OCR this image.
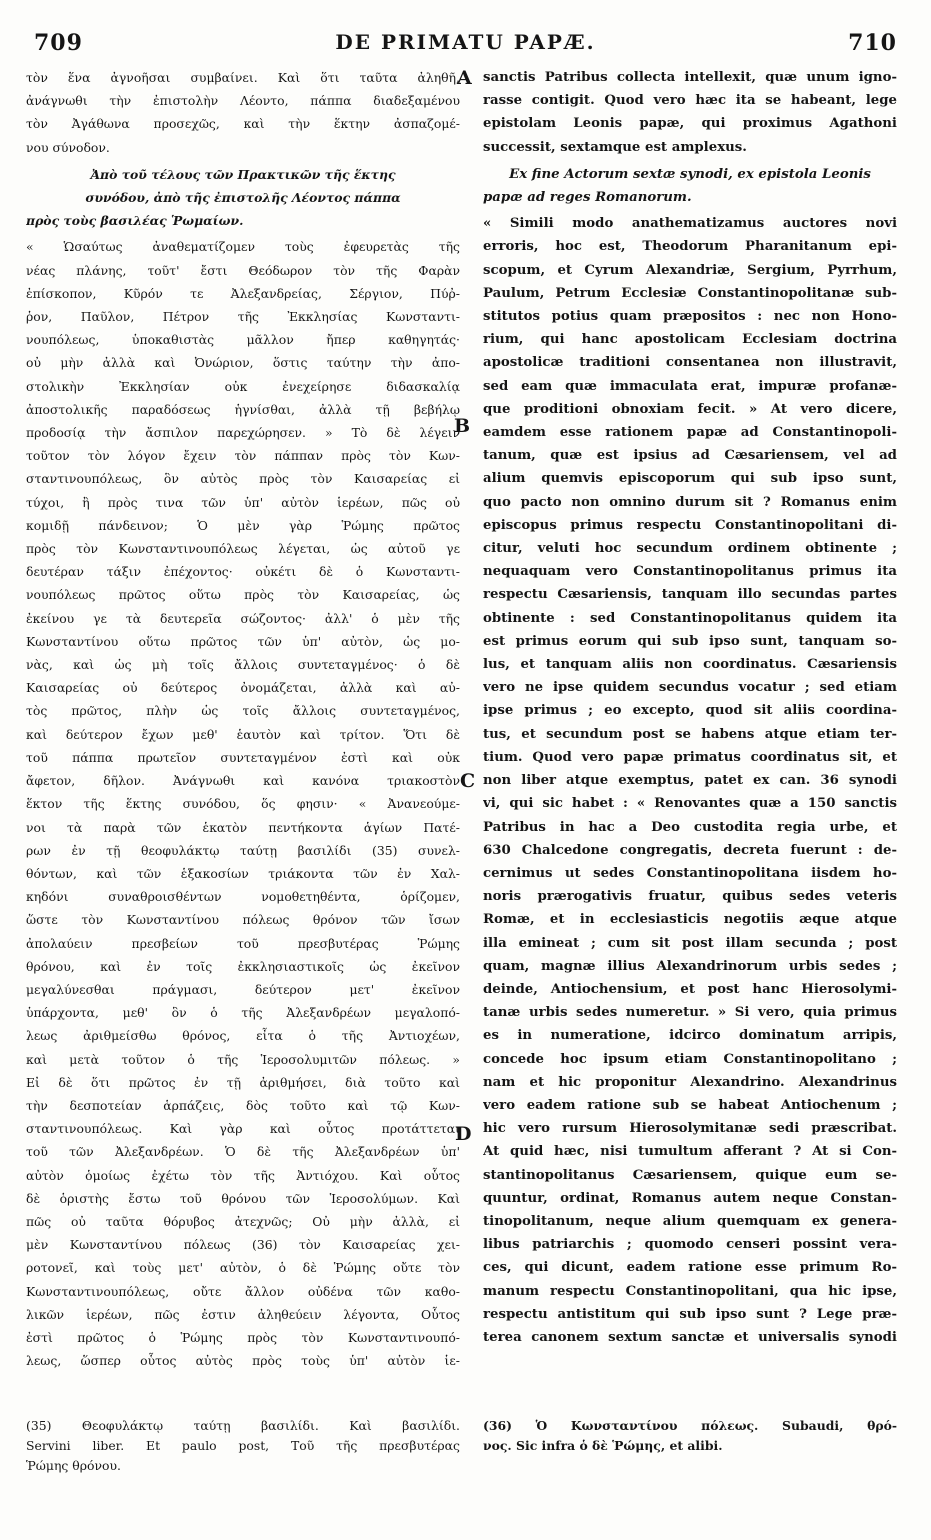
709	DE PRIMATU PAPÆ.	710
τὸν ἕνα ἀγνοῆσαι συμβαίνει. Καὶ ὅτι ταῦτα ἀληθῆ,
ἀνάγνωθι τὴν ἐπιστολὴν Λέοντο, πάππα διαδεξαμένου
τὸν Ἀγάθωνα προσεχῶς, καὶ τὴν ἕκτην ἀσπαζομέ-
νου σύνοδον.
Ἀπὸ τοῦ τέλους τῶν Πρακτικῶν τῆς ἕκτης
συνόδου, ἀπὸ τῆς ἐπιστολῆς Λέοντος πάππα
πρὸς τοὺς βασιλέας Ῥωμαίων.
« Ὡσαύτως ἀναθεματίζομεν τοὺς ἐφευρετὰς τῆς
νέας πλάνης, τοῦτ' ἔστι Θεόδωρον τὸν τῆς Φαρὰν
ἐπίσκοπον, Κῦρόν τε Ἀλεξανδρείας, Σέργιον, Πύῤ-
ῥον, Παῦλον, Πέτρον τῆς Ἐκκλησίας Κωνσταντι-
νουπόλεως, ὑποκαθιστὰς μᾶλλον ἤπερ καθηγητάς·
οὐ μὴν ἀλλὰ καὶ Ὀνώριον, ὅστις ταύτην τὴν ἀπο-
στολικὴν Ἐκκλησίαν οὐκ ἐνεχείρησε διδασκαλίᾳ
ἀποστολικῆς παραδόσεως ἡγνίσθαι, ἀλλὰ τῇ βεβήλῳ
προδοσίᾳ τὴν ἄσπιλον παρεχώρησεν. » Τὸ δὲ λέγειν
τοῦτον τὸν λόγον ἔχειν τὸν πάππαν πρὸς τὸν Κων-
σταντινουπόλεως, ὃν αὐτὸς πρὸς τὸν Καισαρείας εἰ
τύχοι, ἢ πρὸς τινα τῶν ὑπ' αὐτὸν ἱερέων, πῶς οὐ
κομιδῇ πάνδεινον; Ὁ μὲν γὰρ Ῥώμης πρῶτος
πρὸς τὸν Κωνσταντινουπόλεως λέγεται, ὡς αὐτοῦ γε
δευτέραν τάξιν ἐπέχοντος· οὐκέτι δὲ ὁ Κωνσταντι-
νουπόλεως πρῶτος οὕτω πρὸς τὸν Καισαρείας, ὡς
ἐκείνου γε τὰ δευτερεῖα σώζοντος· ἀλλ' ὁ μὲν τῆς
Κωνσταντίνου οὕτω πρῶτος τῶν ὑπ' αὐτὸν, ὡς μο-
νὰς, καὶ ὡς μὴ τοῖς ἄλλοις συντεταγμένος· ὁ δὲ
Καισαρείας οὐ δεύτερος ὀνομάζεται, ἀλλὰ καὶ αὐ-
τὸς πρῶτος, πλὴν ὡς τοῖς ἄλλοις συντεταγμένος,
καὶ δεύτερον ἔχων μεθ' ἑαυτὸν καὶ τρίτον. Ὅτι δὲ
τοῦ πάππα πρωτεῖον συντεταγμένον ἐστὶ καὶ οὐκ
ἄφετον, δῆλον. Ἀνάγνωθι καὶ κανόνα τριακοστὸν
ἕκτον τῆς ἕκτης συνόδου, ὅς φησιν· « Ἀνανεούμε-
νοι τὰ παρὰ τῶν ἑκατὸν πεντήκοντα ἁγίων Πατέ-
ρων ἐν τῇ θεοφυλάκτῳ ταύτῃ βασιλίδι (35) συνελ-
θόντων, καὶ τῶν ἑξακοσίων τριάκοντα τῶν ἐν Χαλ-
κηδόνι συναθροισθέντων νομοθετηθέντα, ὁρίζομεν,
ὥστε τὸν Κωνσταντίνου πόλεως θρόνον τῶν ἴσων
ἀπολαύειν πρεσβείων τοῦ πρεσβυτέρας Ῥώμης
θρόνου, καὶ ἐν τοῖς ἐκκλησιαστικοῖς ὡς ἐκεῖνον
μεγαλύνεσθαι πράγμασι, δεύτερον μετ' ἐκεῖνον
ὑπάρχοντα, μεθ' ὃν ὁ τῆς Ἀλεξανδρέων μεγαλοπό-
λεως ἀριθμείσθω θρόνος, εἶτα ὁ τῆς Ἀντιοχέων,
καὶ μετὰ τοῦτον ὁ τῆς Ἱεροσολυμιτῶν πόλεως. »
Εἰ δὲ ὅτι πρῶτος ἐν τῇ ἀριθμήσει, διὰ τοῦτο καὶ
τὴν δεσποτείαν ἁρπάζεις, δὸς τοῦτο καὶ τῷ Κων-
σταντινουπόλεως. Καὶ γὰρ καὶ οὗτος προτάττεται
τοῦ τῶν Ἀλεξανδρέων. Ὁ δὲ τῆς Ἀλεξανδρέων ὑπ'
αὐτὸν ὁμοίως ἐχέτω τὸν τῆς Ἀντιόχου. Καὶ οὗτος
δὲ ὁριστὴς ἔστω τοῦ θρόνου τῶν Ἱεροσολύμων. Καὶ
πῶς οὐ ταῦτα θόρυβος ἀτεχνῶς; Οὐ μὴν ἀλλὰ, εἰ
μὲν Κωνσταντίνου πόλεως (36) τὸν Καισαρείας χει-
ροτονεῖ, καὶ τοὺς μετ' αὐτὸν, ὁ δὲ Ῥώμης οὔτε τὸν
Κωνσταντινουπόλεως, οὔτε ἄλλον οὐδένα τῶν καθο-
λικῶν ἱερέων, πῶς ἐστιν ἀληθεύειν λέγοντα, Οὗτος
ἐστὶ πρῶτος ὁ Ῥώμης πρὸς τὸν Κωνσταντινουπό-
λεως, ὥσπερ οὗτος αὐτὸς πρὸς τοὺς ὑπ' αὐτὸν ἱε-
sanctis Patribus collecta intellexit, quæ unum igno-
rasse contigit. Quod vero hæc ita se habeant, lege
epistolam Leonis papæ, qui proximus Agathoni
successit, sextamque est amplexus.
Ex fine Actorum sextæ synodi, ex epistola Leonis
papæ ad reges Romanorum.
« Simili modo anathematizamus auctores novi
erroris, hoc est, Theodorum Pharanitanum epi-
scopum, et Cyrum Alexandriæ, Sergium, Pyrrhum,
Paulum, Petrum Ecclesiæ Constantinopolitanæ sub-
stitutos potius quam præpositos : nec non Hono-
rium, qui hanc apostolicam Ecclesiam doctrina
apostolicæ traditioni consentanea non illustravit,
sed eam quæ immaculata erat, impuræ profanæ-
que proditioni obnoxiam fecit. » At vero dicere,
eamdem esse rationem papæ ad Constantinopoli-
tanum, quæ est ipsius ad Cæsariensem, vel ad
alium quemvis episcoporum qui sub ipso sunt,
quo pacto non omnino durum sit ? Romanus enim
episcopus primus respectu Constantinopolitani di-
citur, veluti hoc secundum ordinem obtinente ;
nequaquam vero Constantinopolitanus primus ita
respectu Cæsariensis, tanquam illo secundas partes
obtinente : sed Constantinopolitanus quidem ita
est primus eorum qui sub ipso sunt, tanquam so-
lus, et tanquam aliis non coordinatus. Cæsariensis
vero ne ipse quidem secundus vocatur ; sed etiam
ipse primus ; eo excepto, quod sit aliis coordina-
tus, et secundum post se habens atque etiam ter-
tium. Quod vero papæ primatus coordinatus sit, et
non liber atque exemptus, patet ex can. 36 synodi
vi, qui sic habet : « Renovantes quæ a 150 sanctis
Patribus in hac a Deo custodita regia urbe, et
630 Chalcedone congregatis, decreta fuerunt : de-
cernimus ut sedes Constantinopolitana iisdem ho-
noris prærogativis fruatur, quibus sedes veteris
Romæ, et in ecclesiasticis negotiis æque atque
illa emineat ; cum sit post illam secunda ; post
quam, magnæ illius Alexandrinorum urbis sedes ;
deinde, Antiochensium, et post hanc Hierosolymi-
tanæ urbis sedes numeretur. » Si vero, quia primus
es in numeratione, idcirco dominatum arripis,
concede hoc ipsum etiam Constantinopolitano ;
nam et hic proponitur Alexandrino. Alexandrinus
vero eadem ratione sub se habeat Antiochenum ;
hic vero rursum Hierosolymitanæ sedi præscribat.
At quid hæc, nisi tumultum afferant ? At si Con-
stantinopolitanus Cæsariensem, quique eum se-
quuntur, ordinat, Romanus autem neque Constan-
tinopolitanum, neque alium quemquam ex genera-
libus patriarchis ; quomodo censeri possint vera-
ces, qui dicunt, eadem ratione esse primum Ro-
manum respectu Constantinopolitani, qua hic ipse,
respectu antistitum qui sub ipso sunt ? Lege præ-
terea canonem sextum sanctæ et universalis synodi
A
B
C
D
(35) Θεοφυλάκτῳ ταύτῃ βασιλίδι. Καὶ βασιλίδι.
Servini liber. Et paulo post, Τοῦ τῆς πρεσβυτέρας
Ῥώμης θρόνου.
(36) Ὁ Κωνσταντίνου πόλεως. Subaudi, θρό-
νος. Sic infra ὁ δὲ Ῥώμης, et alibi.
